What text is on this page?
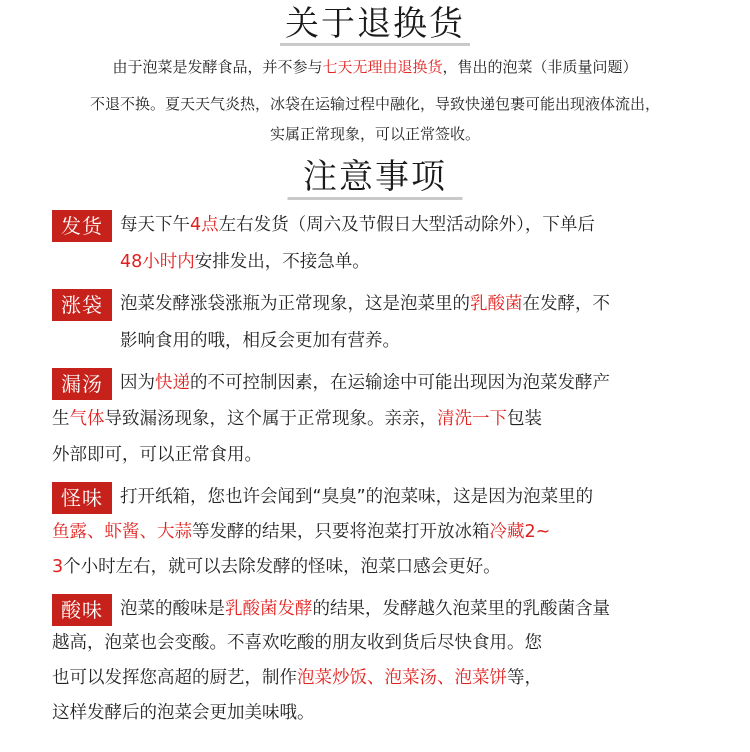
关于退换货
由于泡菜是发酵食品，并不参与七天无理由退换货，售出的泡菜（非质量问题）
不退不换。夏天天气炎热，冰袋在运输过程中融化，导致快递包裹可能出现液体流出，
实属正常现象，可以正常签收。
注意事项
发货 每天下午4点左右发货（周六及节假日大型活动除外），下单后
48小时内安排发出，不接急单。
涨袋 泡菜发酵涨袋涨瓶为正常现象，这是泡菜里的乳酸菌在发酵，不
影响食用的哦，相反会更加有营养。
漏汤 因为快递的不可控制因素，在运输途中可能出现因为泡菜发酵产
生气体导致漏汤现象，这个属于正常现象。亲亲，清洗一下包装
外部即可，可以正常食用。
怪味 打开纸箱，您也许会闻到“臭臭”的泡菜味，这是因为泡菜里的
鱼露、虾酱、大蒜等发酵的结果，只要将泡菜打开放冰箱冷藏2~
3个小时左右，就可以去除发酵的怪味，泡菜口感会更好。
酸味 泡菜的酸味是乳酸菌发酵的结果，发酵越久泡菜里的乳酸菌含量
越高，泡菜也会变酸。不喜欢吃酸的朋友收到货后尽快食用。您
也可以发挥您高超的厨艺，制作泡菜炒饭、泡菜汤、泡菜饼等，
这样发酵后的泡菜会更加美味哦。
